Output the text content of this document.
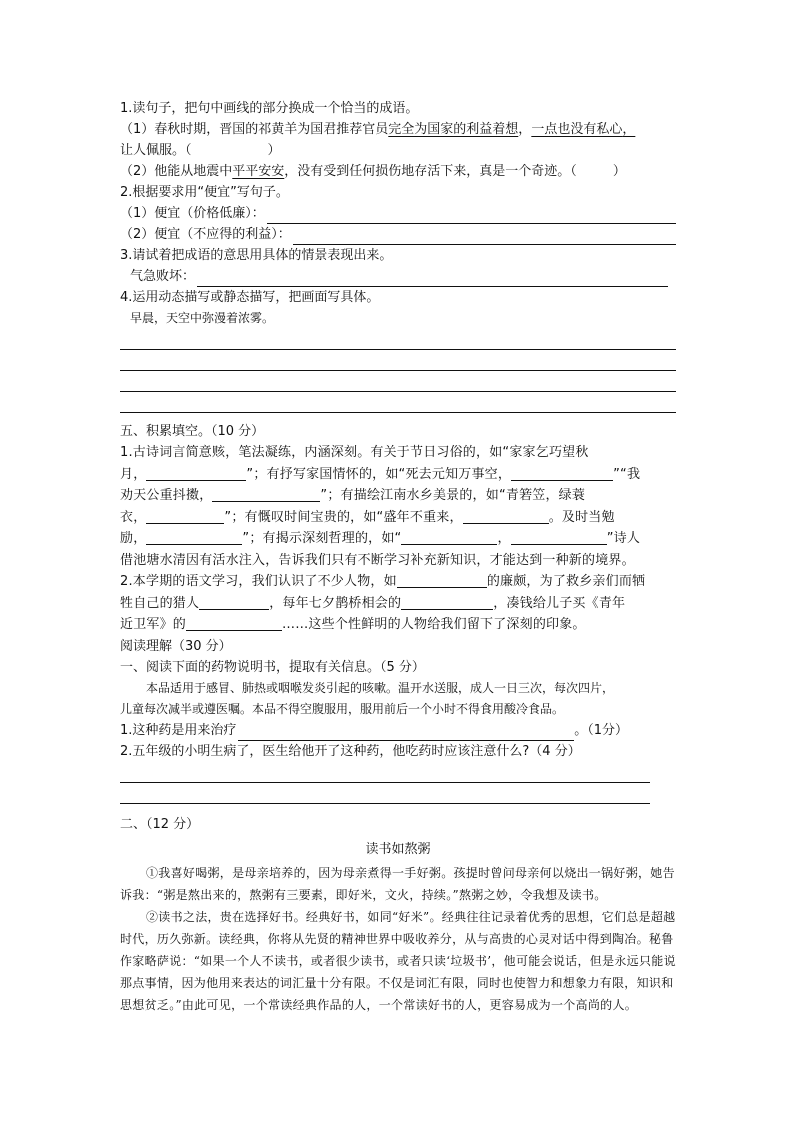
1.读句子，把句中画线的部分换成一个恰当的成语。
（1）春秋时期，晋国的祁黄羊为国君推荐官员完全为国家的利益着想，一点也没有私心，
让人佩服。（	）
（2）他能从地震中平平安安，没有受到任何损伤地存活下来，真是一个奇迹。（	）
2.根据要求用“便宜”写句子。
（1）便宜（价格低廉）：
（2）便宜（不应得的利益）：
3.请试着把成语的意思用具体的情景表现出来。
气急败坏：
4.运用动态描写或静态描写，把画面写具体。
早晨，天空中弥漫着浓雾。
五、积累填空。（10 分）
1.古诗词言简意赅，笔法凝练，内涵深刻。有关于节日习俗的，如“家家乞巧望秋
月，	”；有抒写家国情怀的，如“死去元知万事空，	”“我
劝天公重抖擞，	”；有描绘江南水乡美景的，如“青箬笠，绿蓑
衣，	”；有慨叹时间宝贵的，如“盛年不重来，	。及时当勉
励，	”；有揭示深刻哲理的，如“	，	”诗人
借池塘水清因有活水注入，告诉我们只有不断学习补充新知识，才能达到一种新的境界。
2.本学期的语文学习，我们认识了不少人物，如	的廉颇，为了救乡亲们而牺
牲自己的猎人	，每年七夕鹊桥相会的	，凑钱给儿子买《青年
近卫军》的	……这些个性鲜明的人物给我们留下了深刻的印象。
阅读理解（30 分）
一、阅读下面的药物说明书，提取有关信息。（5 分）
本品适用于感冒、肺热或咽喉发炎引起的咳嗽。温开水送服，成人一日三次，每次四片，
儿童每次减半或遵医嘱。本品不得空腹服用，服用前后一个小时不得食用酸冷食品。
1.这种药是用来治疗	。（1分）
2.五年级的小明生病了，医生给他开了这种药，他吃药时应该注意什么?（4 分）
二、（12 分）
读书如熬粥
①我喜好喝粥，是母亲培养的，因为母亲煮得一手好粥。孩提时曾问母亲何以烧出一锅好粥，她告诉我：“粥是熬出来的，熬粥有三要素，即好米，文火，持续。”熬粥之妙，令我想及读书。
②读书之法，贵在选择好书。经典好书，如同“好米”。经典往往记录着优秀的思想，它们总是超越时代，历久弥新。读经典，你将从先贤的精神世界中吸收养分，从与高贵的心灵对话中得到陶冶。秘鲁作家略萨说：“如果一个人不读书，或者很少读书，或者只读‘垃圾书’，他可能会说话，但是永远只能说那点事情，因为他用来表达的词汇量十分有限。不仅是词汇有限，同时也使智力和想象力有限，知识和思想贫乏。”由此可见，一个常读经典作品的人，一个常读好书的人，更容易成为一个高尚的人。
